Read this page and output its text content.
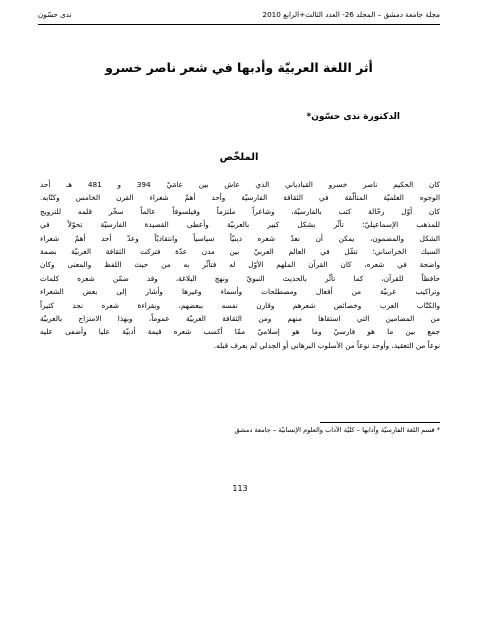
ندى حسّون	مجلة جامعة دمشق – المجلد 26- العدد الثالث+الرابع 2010
أثر اللغة العربيّة وأدبها في شعر ناصر خسرو
الدكتورة ندى حسّون*
الملخّص
كان الحكيم ناصر خسرو القبادياني الذي عاش بين عامَيْ 394 و 481 هـ أحد
الوجوه العلميّة المتألّقة في الثقافة الفارسيّة وأحد أهمّ شعراء القرن الخامس وكتّابه.
كان أوّل رحّالة كتب بالفارسيّة، وشاعراً ملتزماً وفيلسوفاً عالماً سخّر قلمه للترويج
للمذهب الإسماعيليّ؛ تأثّر بشكل كبير بالعربيّة وأعطى القصيدة الفارسيّة تحوّلاً في
الشكل والمضمون، يمكن أن نعدّ شعره دينيّاً سياسياً وانتقاديّاً وعدّ أحد أهمّ شعراء
السبك الخراساني؛ تنقّل في العالم العربيّ بين مدن عدّة فتركت الثقافة العربيّة بصمة
واضحة في شعره، كان القرآن الملهم الأوّل له فتأثّر به من حيث اللفظ والمعنى وكان
حافظاً للقرآن، كما تأثّر بالحديث النبويّ ونهج البلاغة، وقد ضمّن شعره كلمات
وتراكيب عربيّة من أفعال ومصطلحات وأسماء وغيرها وأشار إلى بعض الشعراء
والكتّاب العرب وخصائص شعرهم وقارن نفسه ببعضهم، وبقراءة شعره نجد كثيراً
من المضامين التي استقاها منهم ومن الثقافة العربيّة عموماً، وبهذا الامتزاج بالعربيّة
جمع بين ما هو فارسيّ وما هو إسلاميّ ممّا أكسب شعره قيمة أدبيّة عليا وأضفى عليه
نوعاً من التعقيد، وأوجد نوعاً من الأسلوب البرهاني أو الجدلي لم يعرف قبله.
* قسم اللغة الفارسيّة وآدابها – كليّة الآداب والعلوم الإنسانيّة – جامعة دمشق
113
